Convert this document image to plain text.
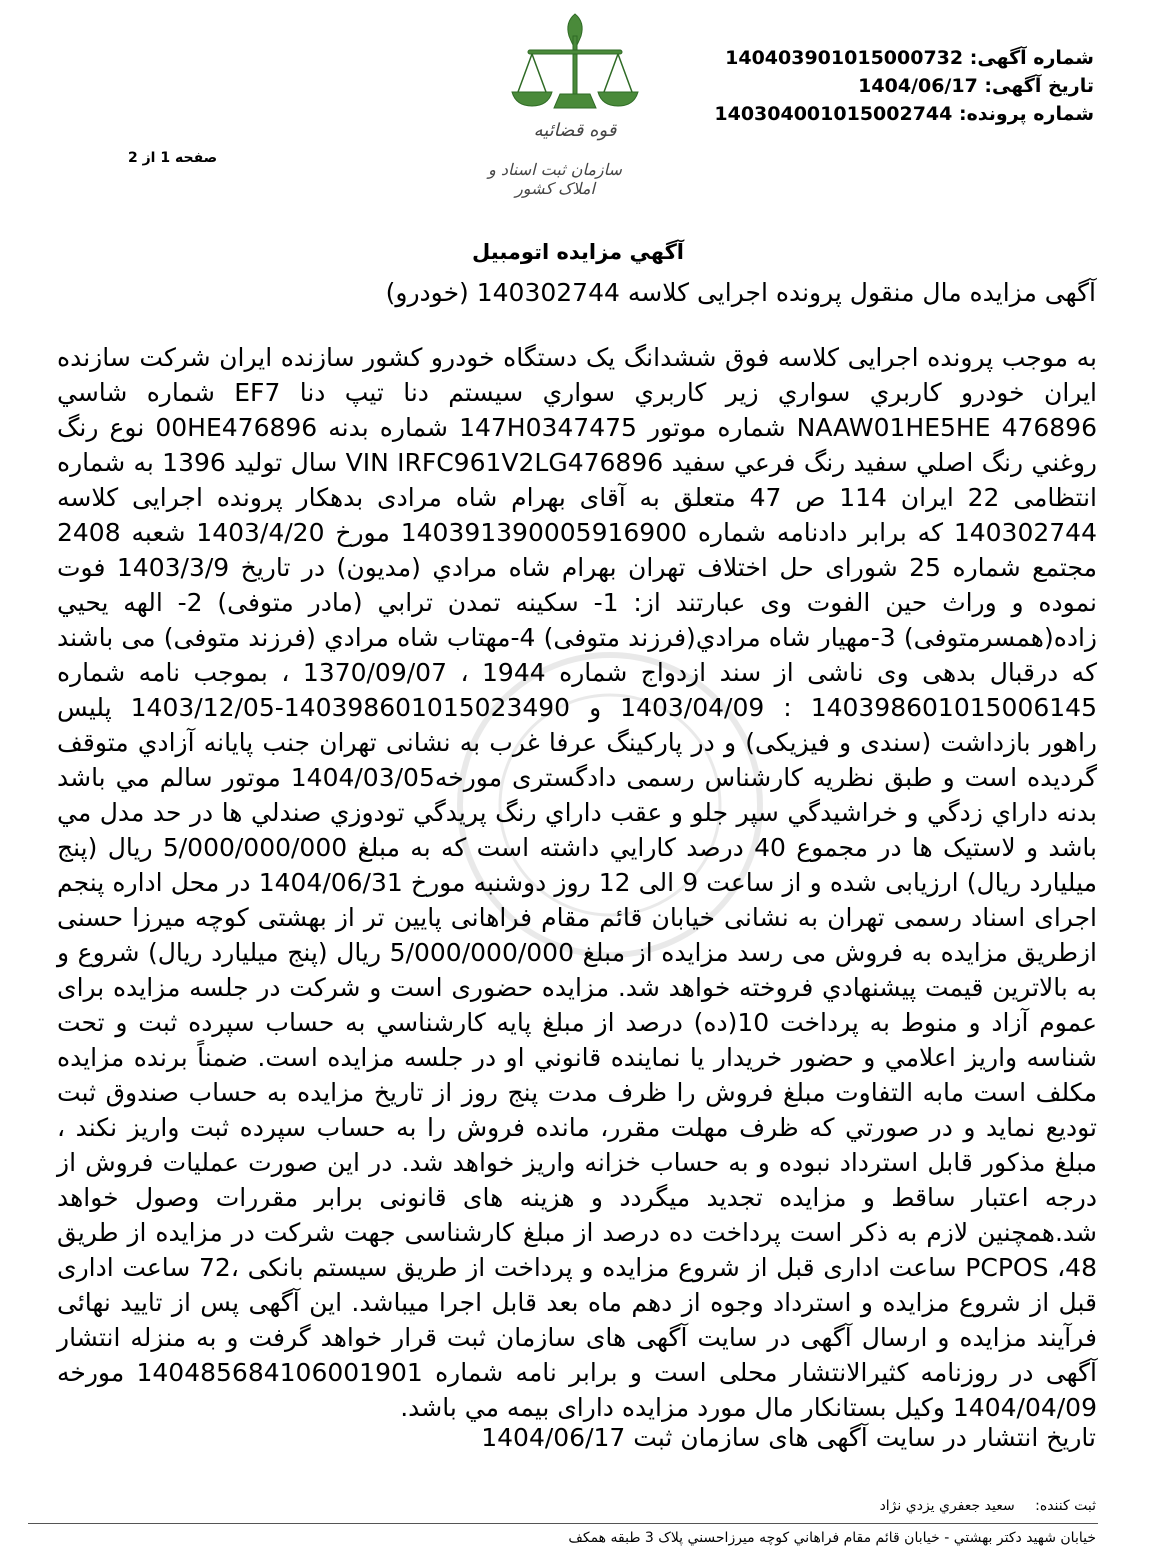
شماره آگهی: 14040390101500073​2
تاریخ آگهی: 1404/06/17
شماره پرونده: 14030400101500274​4
صفحه 1 از 2
قوه قضائیه
سازمان ثبت اسناد و املاک کشور
آگهي مزايده اتومبيل
آگهی مزایده مال منقول پرونده اجرایی کلاسه 140302744 (خودرو)
به موجب پرونده اجرایی کلاسه فوق ششدانگ یک دستگاه خودرو کشور سازنده ایران شرکت سازنده ایران خودرو کاربري سواري زير کاربري سواري سيستم دنا تيپ دنا EF7 شماره شاسي NAAW01HE5HE 476896 شماره موتور 147H0347475 شماره بدنه 00HE476896 نوع رنگ روغني رنگ اصلي سفيد رنگ فرعي سفيد VIN IRFC961V2LG476896 سال تولید 1396 به شماره انتظامی 22 ایران 114 ص 47 متعلق به آقای بهرام شاه مرادی بدهکار پرونده اجرایی کلاسه 140302744 که برابر دادنامه شماره 140391390005916900 مورخ 1403/4/20 شعبه 2408 مجتمع شماره 25 شورای حل اختلاف تهران بهرام شاه مرادي (مديون) در تاريخ 1403/3/9 فوت نموده و وراث حين الفوت وی عبارتند از: 1- سکينه تمدن ترابي (مادر متوفی) 2- الهه يحيي زاده(همسرمتوفی) 3-مهيار شاه مرادي(فرزند متوفی) 4-مهتاب شاه مرادي (فرزند متوفی) می باشند که درقبال بدهی وی ناشی از سند ازدواج شماره 1944 ، 1370/09/07 ، بموجب نامه شماره 140398601015006145 : 1403/04/09 و 140398601015023490-1403/12/05 پليس راهور بازداشت (سندی و فيزيکی) و در پارکينگ عرفا غرب به نشانی تهران جنب پايانه آزادي متوقف گرديده است و طبق نظريه کارشناس رسمی دادگستری مورخه1404/03/05 موتور سالم مي باشد بدنه داراي زدگي و خراشيدگي سپر جلو و عقب داراي رنگ پريدگي تودوزي صندلي ها در حد مدل مي باشد و لاستيک ها در مجموع 40 درصد کارايي داشته است که به مبلغ 5/000/000/000 ريال (پنج ميليارد ريال) ارزيابی شده و از ساعت 9 الی 12 روز دوشنبه مورخ 1404/06/31 در محل اداره پنجم اجرای اسناد رسمی تهران به نشانی خيابان قائم مقام فراهانی پايين تر از بهشتی کوچه ميرزا حسنی ازطريق مزايده به فروش می رسد مزايده از مبلغ 5/000/000/000 ريال (پنج ميليارد ريال) شروع و به بالاترين قيمت پيشنهادي فروخته خواهد شد. مزايده حضوری است و شرکت در جلسه مزايده برای عموم آزاد و منوط به پرداخت 10(ده) درصد از مبلغ پايه کارشناسي به حساب سپرده ثبت و تحت شناسه واريز اعلامي و حضور خريدار يا نماينده قانوني او در جلسه مزايده است. ضمناً برنده مزايده مکلف است مابه التفاوت مبلغ فروش را ظرف مدت پنج روز از تاريخ مزايده به حساب صندوق ثبت توديع نمايد و در صورتي که ظرف مهلت مقرر، مانده فروش را به حساب سپرده ثبت واريز نکند ، مبلغ مذکور قابل استرداد نبوده و به حساب خزانه واريز خواهد شد. در اين صورت عمليات فروش از درجه اعتبار ساقط و مزايده تجديد ميگردد و هزينه های قانونی برابر مقررات وصول خواهد شد.همچنين لازم به ذکر است پرداخت ده درصد از مبلغ کارشناسی جهت شرکت در مزايده از طريق PCPOS ،48 ساعت اداری قبل از شروع مزايده و پرداخت از طريق سيستم بانکی ،72 ساعت اداری قبل از شروع مزايده و استرداد وجوه از دهم ماه بعد قابل اجرا ميباشد. اين آگهی پس از تاييد نهائی فرآيند مزايده و ارسال آگهی در سايت آگهی های سازمان ثبت قرار خواهد گرفت و به منزله انتشار آگهی در روزنامه کثيرالانتشار محلی است و برابر نامه شماره 14048568410600190​1 مورخه 1404/04/09 وکيل بستانکار مال مورد مزايده دارای بيمه مي باشد.
تاريخ انتشار در سايت آگهی های سازمان ثبت 1404/06/17
ثبت کننده: سعيد جعفري يزدي نژاد
خيابان شهيد دکتر بهشتي - خيابان قائم مقام فراهاني کوچه ميرزاحسني پلاک 3 طبقه همکف
